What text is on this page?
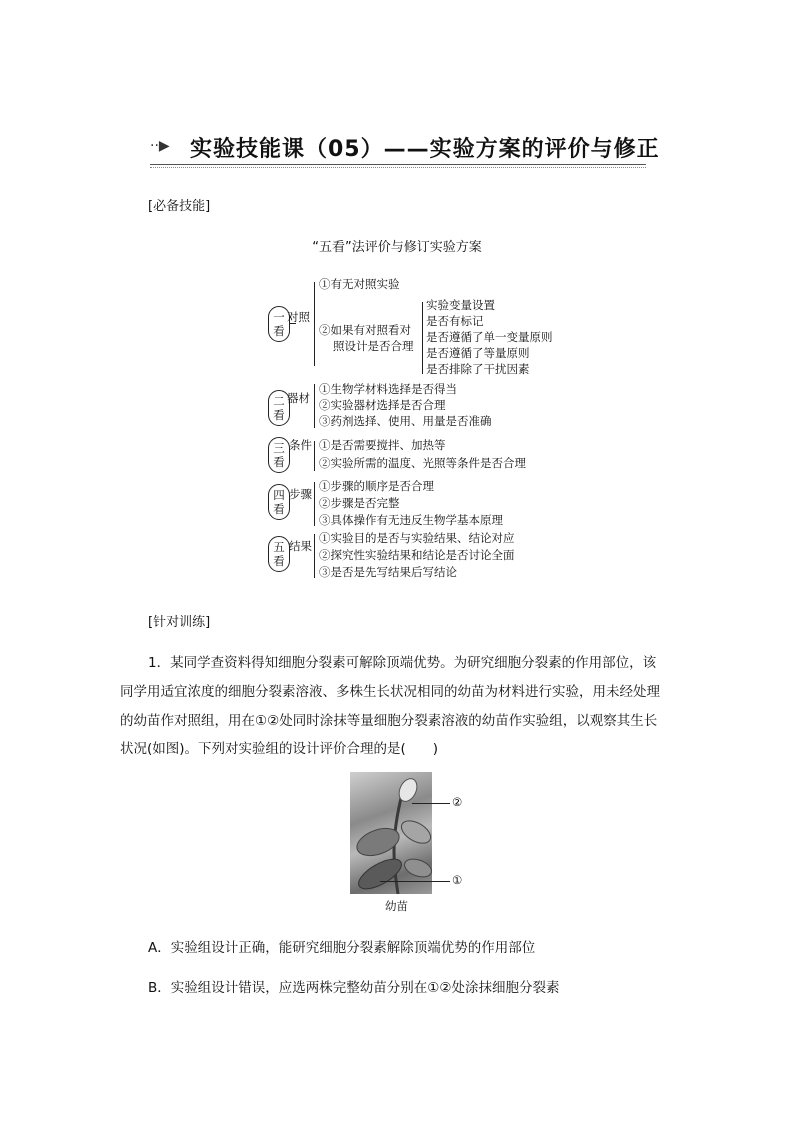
··▶ 实验技能课（05）——实验方案的评价与修正
[必备技能]
“五看”法评价与修订实验方案
一看
对照
①有无对照实验
②如果有对照看对
照设计是否合理
实验变量设置
是否有标记
是否遵循了单一变量原则
是否遵循了等量原则
是否排除了干扰因素
二看
器材
①生物学材料选择是否得当
②实验器材选择是否合理
③药剂选择、使用、用量是否准确
三看
条件 ①是否需要搅拌、加热等
②实验所需的温度、光照等条件是否合理
四看
步骤
①步骤的顺序是否合理
②步骤是否完整
③具体操作有无违反生物学基本原理
五看
结果
①实验目的是否与实验结果、结论对应
②探究性实验结果和结论是否讨论全面
③是否是先写结果后写结论
[针对训练]
1．某同学查资料得知细胞分裂素可解除顶端优势。为研究细胞分裂素的作用部位，该
同学用适宜浓度的细胞分裂素溶液、多株生长状况相同的幼苗为材料进行实验，用未经处理
的幼苗作对照组，用在①②处同时涂抹等量细胞分裂素溶液的幼苗作实验组，以观察其生长
状况(如图)。下列对实验组的设计评价合理的是(　　)
②
①
幼苗
A．实验组设计正确，能研究细胞分裂素解除顶端优势的作用部位
B．实验组设计错误，应选两株完整幼苗分别在①②处涂抹细胞分裂素
